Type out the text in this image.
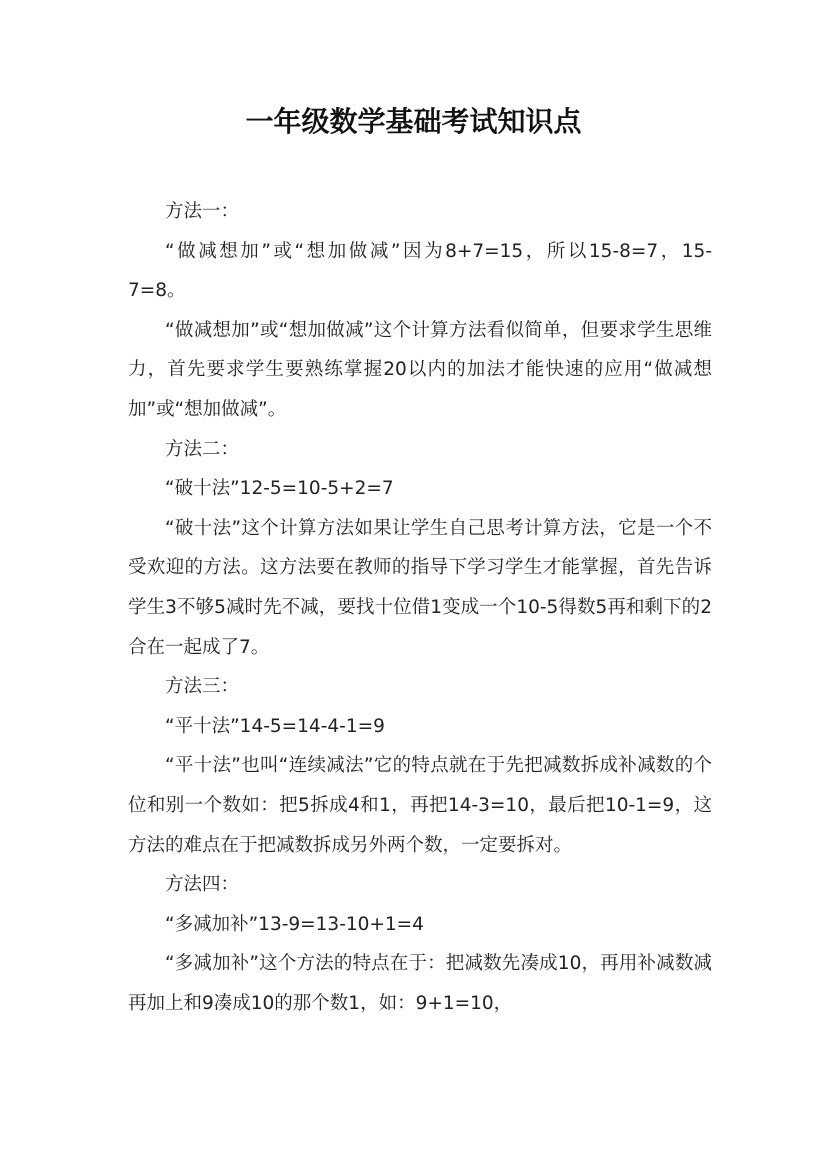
一年级数学基础考试知识点

方法一：

“做减想加”或“想加做减”因为8+7=15，所以15-8=7，15-7=8。

“做减想加”或“想加做减”这个计算方法看似简单，但要求学生思维力，首先要求学生要熟练掌握20以内的加法才能快速的应用“做减想加”或“想加做减”。

方法二：

“破十法”12-5=10-5+2=7

“破十法”这个计算方法如果让学生自己思考计算方法，它是一个不受欢迎的方法。这方法要在教师的指导下学习学生才能掌握，首先告诉学生3不够5减时先不减，要找十位借1变成一个10-5得数5再和剩下的2合在一起成了7。

方法三：

“平十法”14-5=14-4-1=9

“平十法”也叫“连续减法”它的特点就在于先把减数拆成补减数的个位和别一个数如：把5拆成4和1，再把14-3=10，最后把10-1=9，这方法的难点在于把减数拆成另外两个数，一定要拆对。

方法四：

“多减加补”13-9=13-10+1=4

“多减加补”这个方法的特点在于：把减数先凑成10，再用补减数减再加上和9凑成10的那个数1，如：9+1=10，
